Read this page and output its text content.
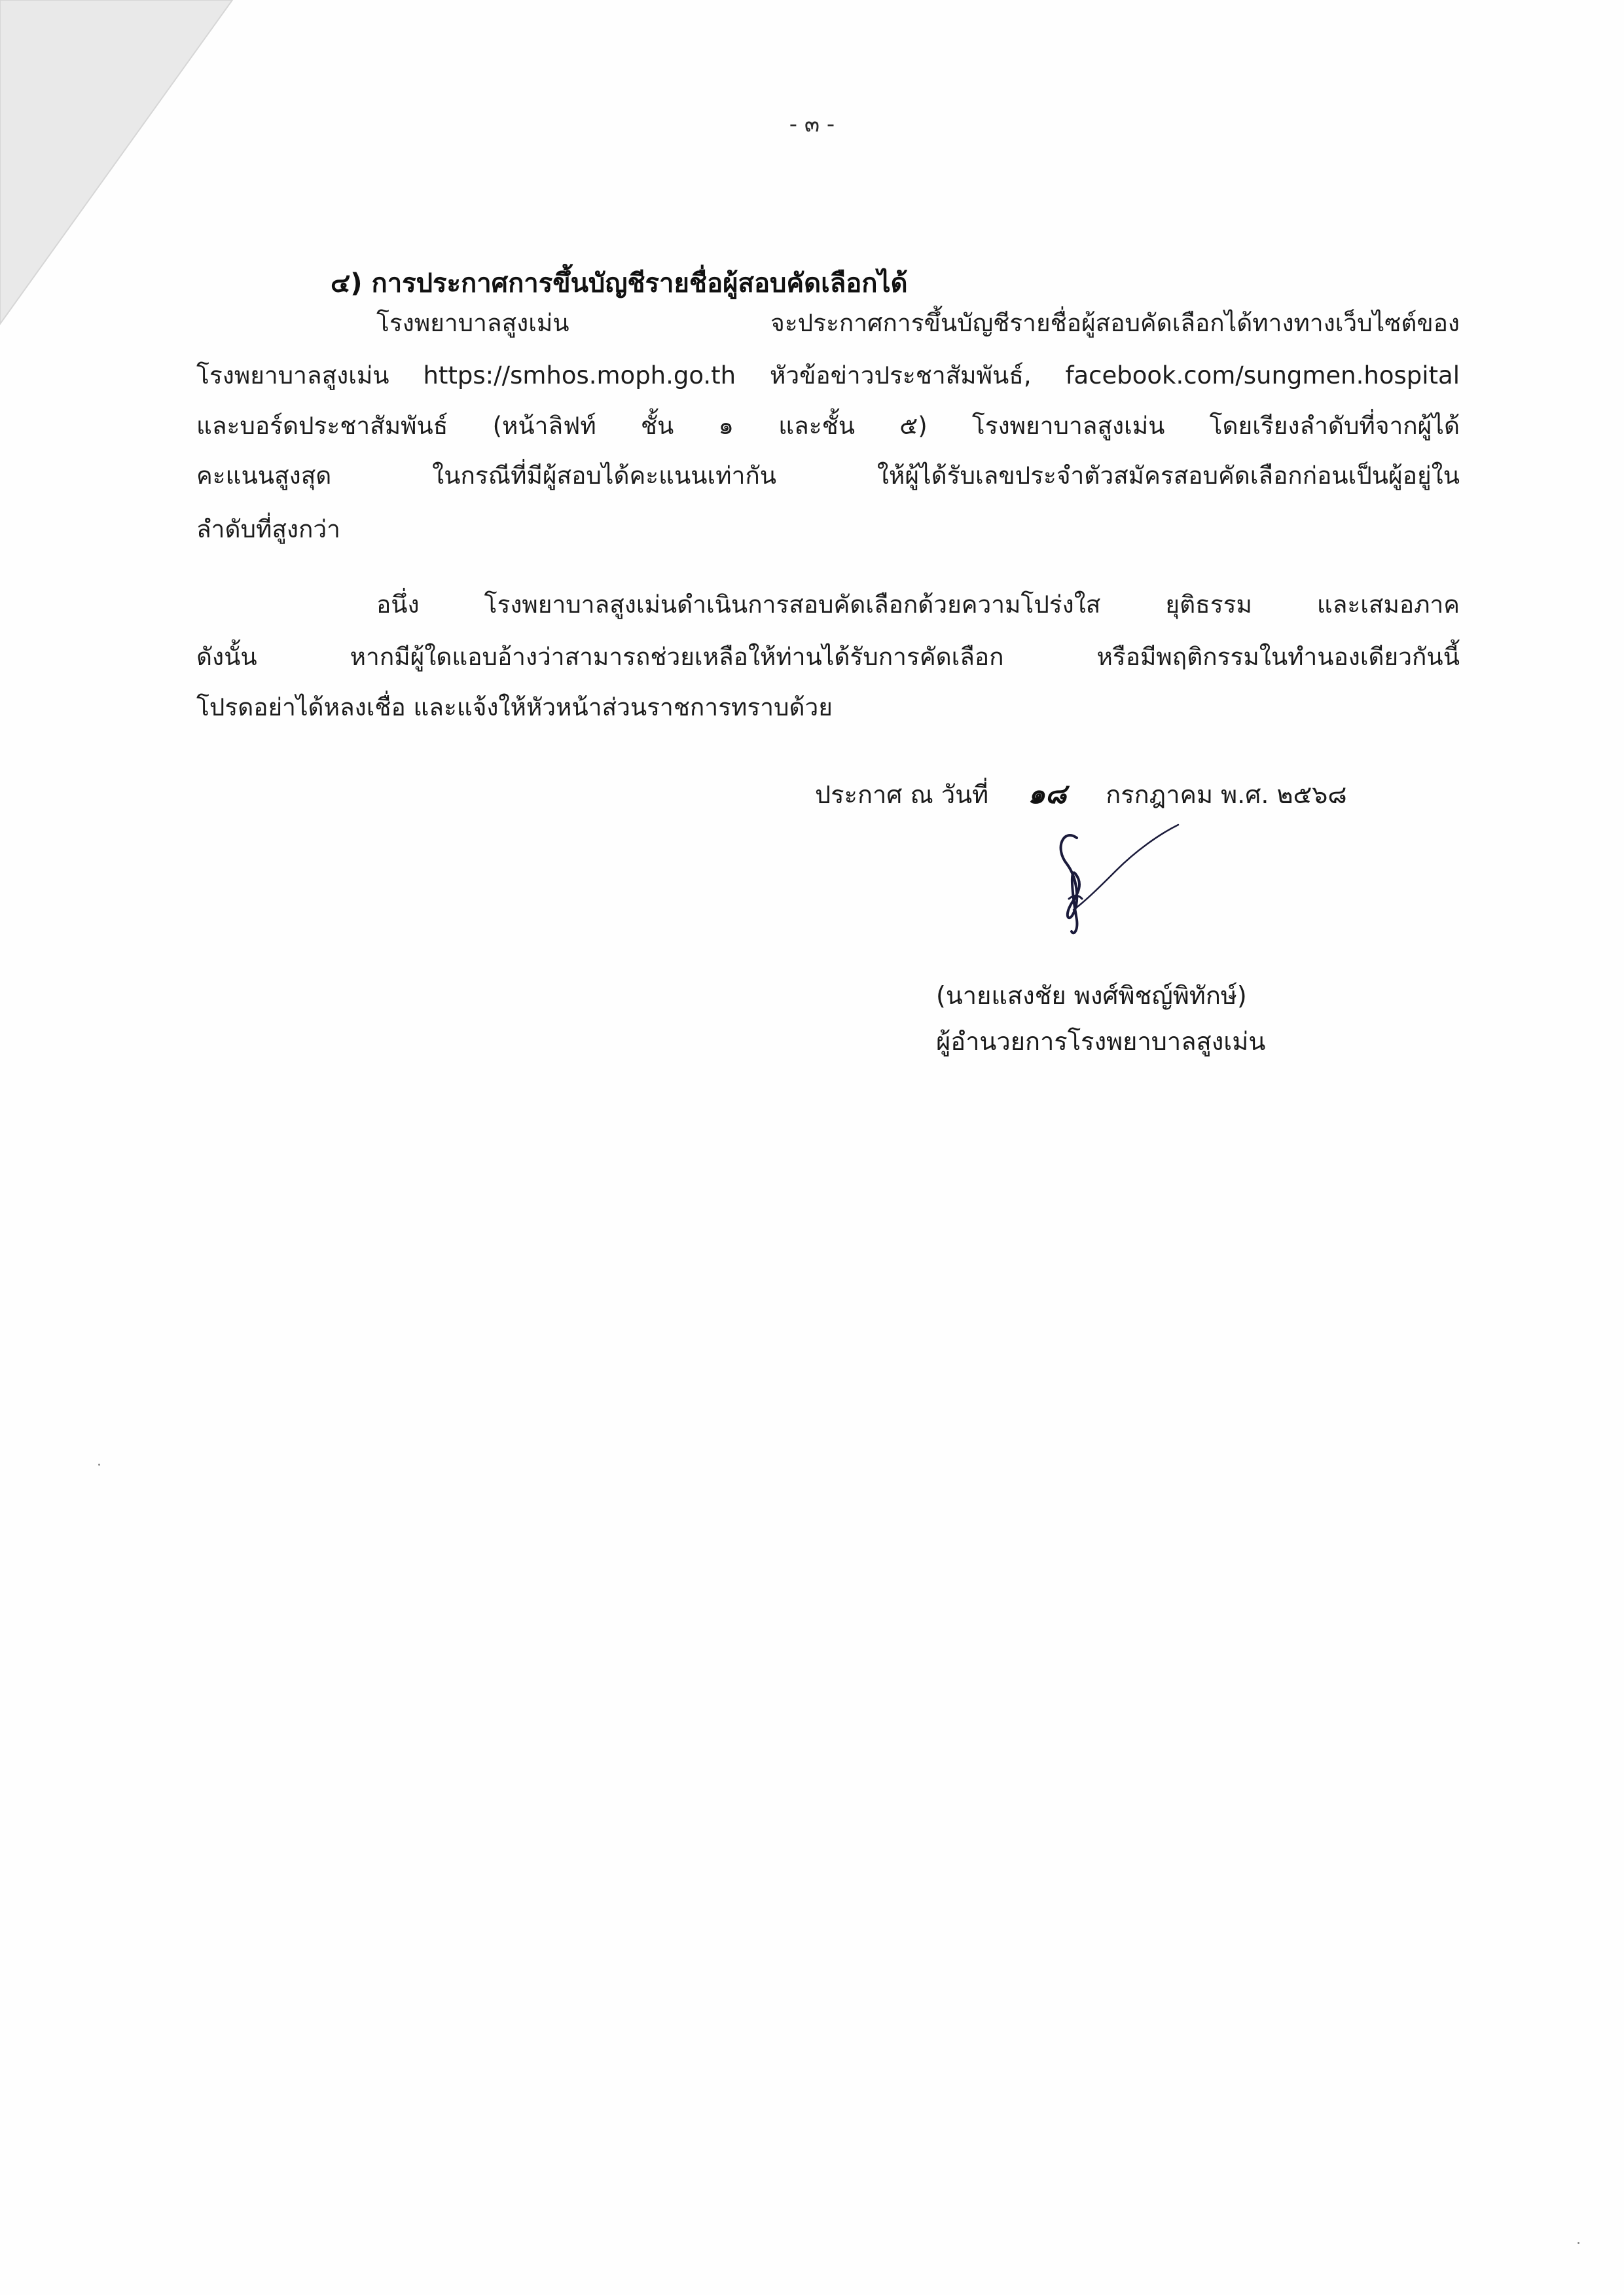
- ๓ -
๔) การประกาศการขึ้นบัญชีรายชื่อผู้สอบคัดเลือกได้
โรงพยาบาลสูงเม่น จะประกาศการขึ้นบัญชีรายชื่อผู้สอบคัดเลือกได้ทางทางเว็บไซต์ของ
โรงพยาบาลสูงเม่น https://smhos.moph.go.th หัวข้อข่าวประชาสัมพันธ์, facebook.com/sungmen.hospital
และบอร์ดประชาสัมพันธ์ (หน้าลิฟท์ ชั้น ๑ และชั้น ๕) โรงพยาบาลสูงเม่น โดยเรียงลำดับที่จากผู้ได้
คะแนนสูงสุด ในกรณีที่มีผู้สอบได้คะแนนเท่ากัน ให้ผู้ได้รับเลขประจำตัวสมัครสอบคัดเลือกก่อนเป็นผู้อยู่ใน
ลำดับที่สูงกว่า
อนึ่ง โรงพยาบาลสูงเม่นดำเนินการสอบคัดเลือกด้วยความโปร่งใส ยุติธรรม และเสมอภาค
ดังนั้น หากมีผู้ใดแอบอ้างว่าสามารถช่วยเหลือให้ท่านได้รับการคัดเลือก หรือมีพฤติกรรมในทำนองเดียวกันนี้
โปรดอย่าได้หลงเชื่อ และแจ้งให้หัวหน้าส่วนราชการทราบด้วย
ประกาศ ณ วันที่ ๑๘ กรกฎาคม พ.ศ. ๒๕๖๘
(นายแสงชัย พงศ์พิชญ์พิทักษ์)
ผู้อำนวยการโรงพยาบาลสูงเม่น
